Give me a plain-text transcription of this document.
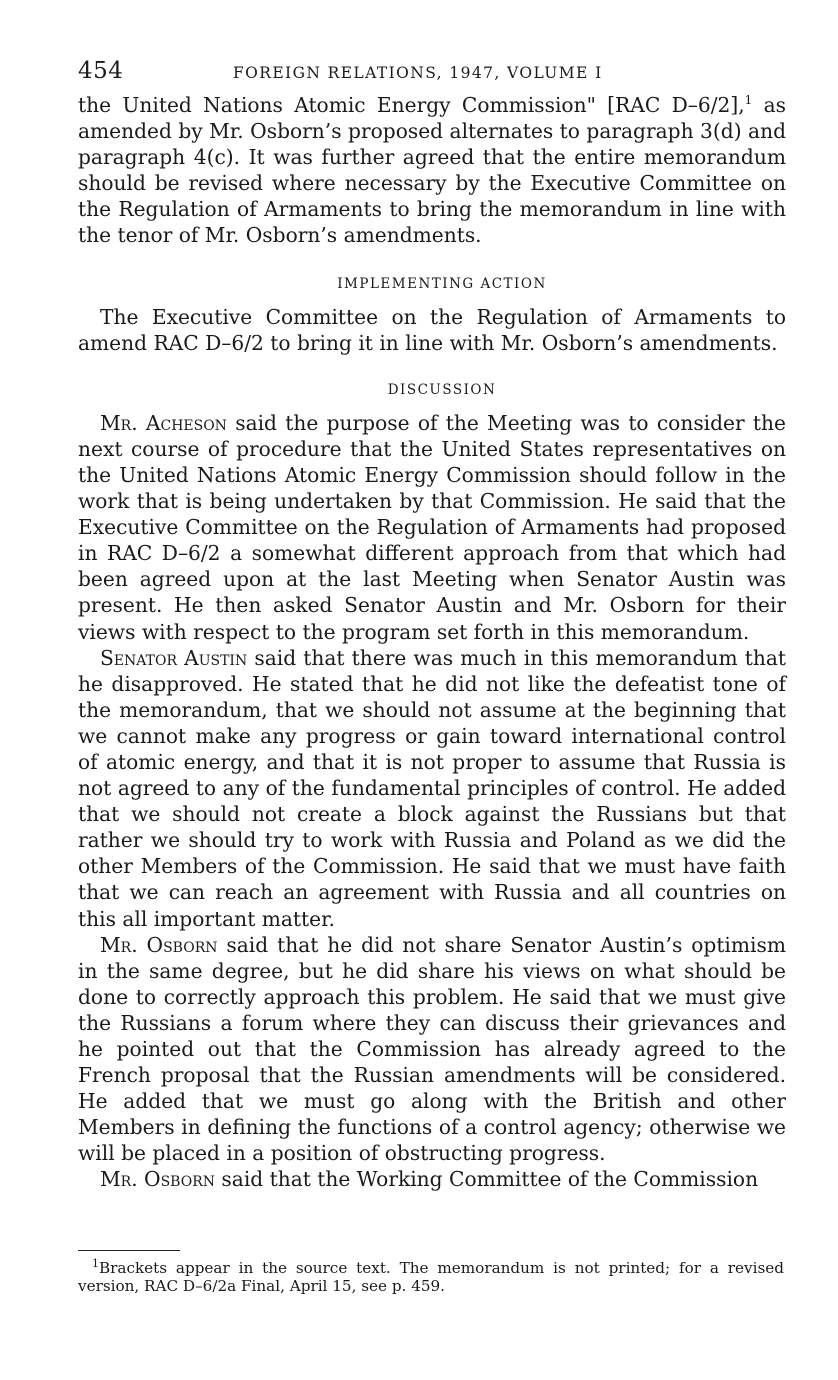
454	FOREIGN RELATIONS, 1947, VOLUME I

the United Nations Atomic Energy Commission" [RAC D–6/2],$^1$ as amended by Mr. Osborn’s proposed alternates to paragraph 3(d) and paragraph 4(c). It was further agreed that the entire memorandum should be revised where necessary by the Executive Committee on the Regulation of Armaments to bring the memorandum in line with the tenor of Mr. Osborn’s amendments.

IMPLEMENTING ACTION

The Executive Committee on the Regulation of Armaments to amend RAC D–6/2 to bring it in line with Mr. Osborn’s amendments.

DISCUSSION

Mr. Acheson said the purpose of the Meeting was to consider the next course of procedure that the United States representatives on the United Nations Atomic Energy Commission should follow in the work that is being undertaken by that Commission. He said that the Executive Committee on the Regulation of Armaments had proposed in RAC D–6/2 a somewhat different approach from that which had been agreed upon at the last Meeting when Senator Austin was present. He then asked Senator Austin and Mr. Osborn for their views with respect to the program set forth in this memorandum.

Senator Austin said that there was much in this memorandum that he disapproved. He stated that he did not like the defeatist tone of the memorandum, that we should not assume at the beginning that we cannot make any progress or gain toward international control of atomic energy, and that it is not proper to assume that Russia is not agreed to any of the fundamental principles of control. He added that we should not create a block against the Russians but that rather we should try to work with Russia and Poland as we did the other Members of the Commission. He said that we must have faith that we can reach an agreement with Russia and all countries on this all important matter.

Mr. Osborn said that he did not share Senator Austin’s optimism in the same degree, but he did share his views on what should be done to correctly approach this problem. He said that we must give the Russians a forum where they can discuss their grievances and he pointed out that the Commission has already agreed to the French proposal that the Russian amendments will be considered. He added that we must go along with the British and other Members in defining the functions of a control agency; otherwise we will be placed in a position of obstructing progress.

Mr. Osborn said that the Working Committee of the Commission

$^1$Brackets appear in the source text. The memorandum is not printed; for a revised version, RAC D–6/2a Final, April 15, see p. 459.
